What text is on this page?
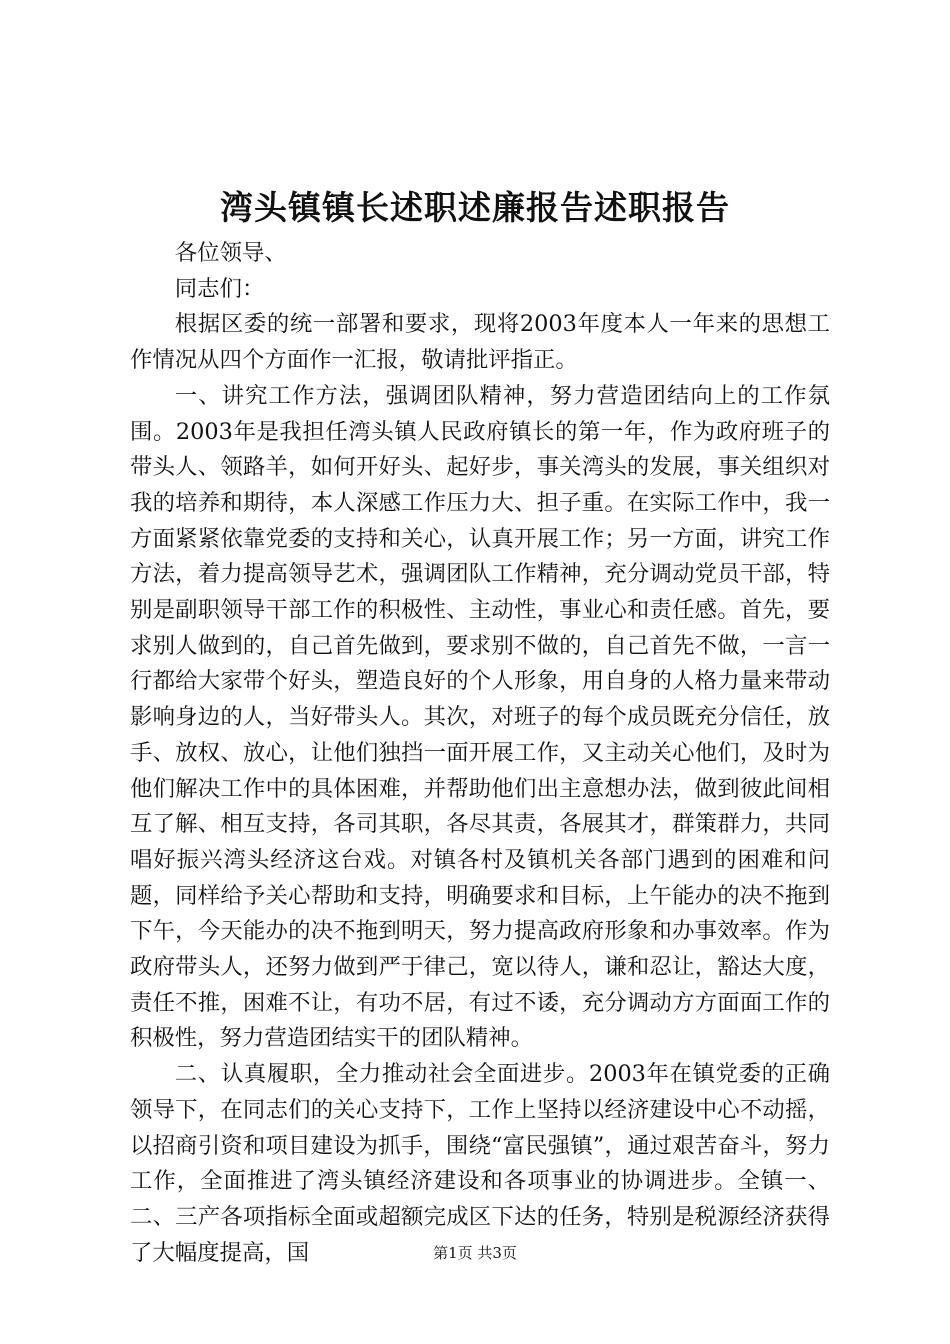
湾头镇镇长述职述廉报告述职报告

各位领导、

同志们：

根据区委的统一部署和要求，现将2003年度本人一年来的思想工作情况从四个方面作一汇报，敬请批评指正。

一、讲究工作方法，强调团队精神，努力营造团结向上的工作氛围。2003年是我担任湾头镇人民政府镇长的第一年，作为政府班子的带头人、领路羊，如何开好头、起好步，事关湾头的发展，事关组织对我的培养和期待，本人深感工作压力大、担子重。在实际工作中，我一方面紧紧依靠党委的支持和关心，认真开展工作；另一方面，讲究工作方法，着力提高领导艺术，强调团队工作精神，充分调动党员干部，特别是副职领导干部工作的积极性、主动性，事业心和责任感。首先，要求别人做到的，自己首先做到，要求别不做的，自己首先不做，一言一行都给大家带个好头，塑造良好的个人形象，用自身的人格力量来带动影响身边的人，当好带头人。其次，对班子的每个成员既充分信任，放手、放权、放心，让他们独挡一面开展工作，又主动关心他们，及时为他们解决工作中的具体困难，并帮助他们出主意想办法，做到彼此间相互了解、相互支持，各司其职，各尽其责，各展其才，群策群力，共同唱好振兴湾头经济这台戏。对镇各村及镇机关各部门遇到的困难和问题，同样给予关心帮助和支持，明确要求和目标，上午能办的决不拖到下午，今天能办的决不拖到明天，努力提高政府形象和办事效率。作为政府带头人，还努力做到严于律己，宽以待人，谦和忍让，豁达大度，责任不推，困难不让，有功不居，有过不诿，充分调动方方面面工作的积极性，努力营造团结实干的团队精神。

二、认真履职，全力推动社会全面进步。2003年在镇党委的正确领导下，在同志们的关心支持下，工作上坚持以经济建设中心不动摇，以招商引资和项目建设为抓手，围绕“富民强镇”，通过艰苦奋斗，努力工作，全面推进了湾头镇经济建设和各项事业的协调进步。全镇一、二、三产各项指标全面或超额完成区下达的任务，特别是税源经济获得了大幅度提高，国	第1页 共3页
